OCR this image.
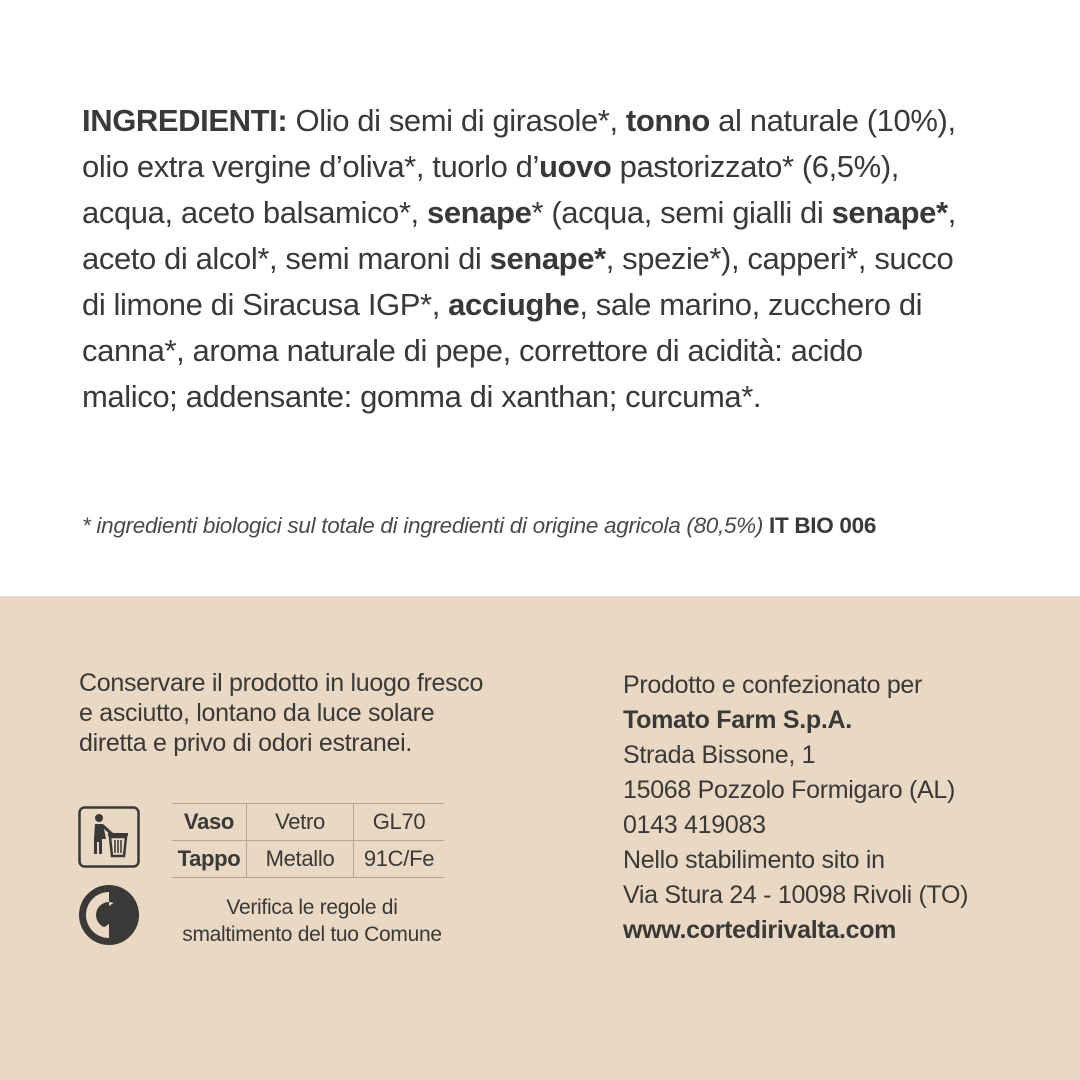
INGREDIENTI: Olio di semi di girasole*, tonno al naturale (10%), olio extra vergine d’oliva*, tuorlo d’uovo pastorizzato* (6,5%), acqua, aceto balsamico*, senape* (acqua, semi gialli di senape*, aceto di alcol*, semi maroni di senape*, spezie*), capperi*, succo di limone di Siracusa IGP*, acciughe, sale marino, zucchero di canna*, aroma naturale di pepe, correttore di acidità: acido malico; addensante: gomma di xanthan; curcuma*.

* ingredienti biologici sul totale di ingredienti di origine agricola (80,5%) IT BIO 006

Conservare il prodotto in luogo fresco e asciutto, lontano da luce solare diretta e privo di odori estranei.

Vaso	Vetro	GL70
Tappo	Metallo	91C/Fe
Verifica le regole di
smaltimento del tuo Comune
Prodotto e confezionato per
Tomato Farm S.p.A.
Strada Bissone, 1
15068 Pozzolo Formigaro (AL)
0143 419083
Nello stabilimento sito in
Via Stura 24 - 10098 Rivoli (TO)
www.cortedirivalta.com
